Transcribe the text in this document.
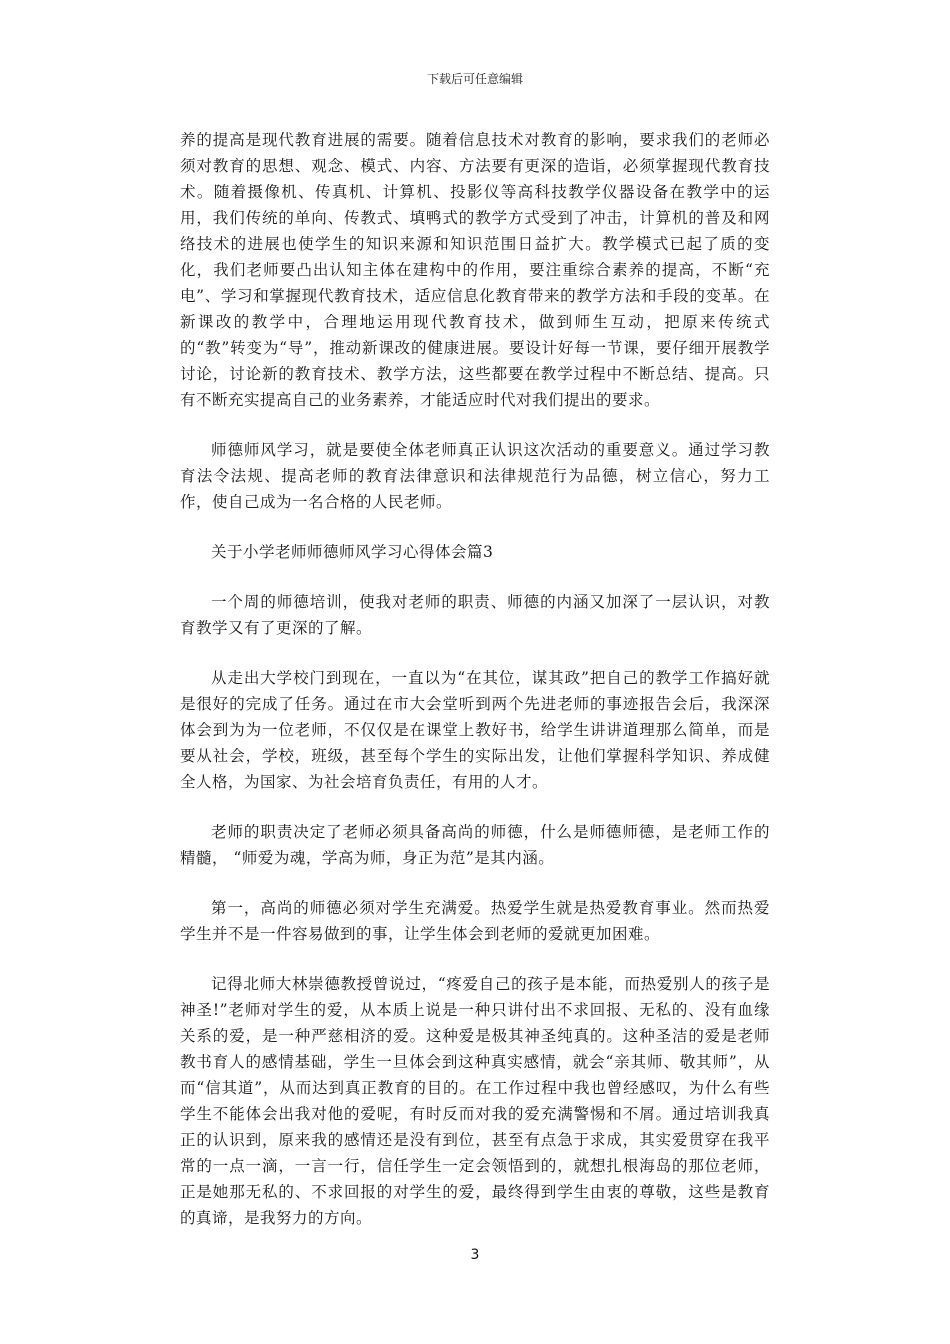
下载后可任意编辑

养的提高是现代教育进展的需要。随着信息技术对教育的影响，要求我们的老师必须对教育的思想、观念、模式、内容、方法要有更深的造诣，必须掌握现代教育技术。随着摄像机、传真机、计算机、投影仪等高科技教学仪器设备在教学中的运用，我们传统的单向、传教式、填鸭式的教学方式受到了冲击，计算机的普及和网络技术的进展也使学生的知识来源和知识范围日益扩大。教学模式已起了质的变化，我们老师要凸出认知主体在建构中的作用，要注重综合素养的提高，不断“充电”、学习和掌握现代教育技术，适应信息化教育带来的教学方法和手段的变革。在新课改的教学中，合理地运用现代教育技术，做到师生互动，把原来传统式的“教”转变为“导”，推动新课改的健康进展。要设计好每一节课，要仔细开展教学讨论，讨论新的教育技术、教学方法，这些都要在教学过程中不断总结、提高。只有不断充实提高自己的业务素养，才能适应时代对我们提出的要求。

师德师风学习，就是要使全体老师真正认识这次活动的重要意义。通过学习教育法令法规、提高老师的教育法律意识和法律规范行为品德，树立信心，努力工作，使自己成为一名合格的人民老师。

关于小学老师师德师风学习心得体会篇3

一个周的师德培训，使我对老师的职责、师德的内涵又加深了一层认识，对教育教学又有了更深的了解。

从走出大学校门到现在，一直以为“在其位，谋其政”把自己的教学工作搞好就是很好的完成了任务。通过在市大会堂听到两个先进老师的事迹报告会后，我深深体会到为为一位老师，不仅仅是在课堂上教好书，给学生讲讲道理那么简单，而是要从社会，学校，班级，甚至每个学生的实际出发，让他们掌握科学知识、养成健全人格，为国家、为社会培育负责任，有用的人才。

老师的职责决定了老师必须具备高尚的师德，什么是师德师德，是老师工作的精髓， “师爱为魂，学高为师，身正为范”是其内涵。

第一，高尚的师德必须对学生充满爱。热爱学生就是热爱教育事业。然而热爱学生并不是一件容易做到的事，让学生体会到老师的爱就更加困难。

记得北师大林崇德教授曾说过，“疼爱自己的孩子是本能，而热爱别人的孩子是神圣!”老师对学生的爱，从本质上说是一种只讲付出不求回报、无私的、没有血缘关系的爱，是一种严慈相济的爱。这种爱是极其神圣纯真的。这种圣洁的爱是老师教书育人的感情基础，学生一旦体会到这种真实感情，就会“亲其师、敬其师”，从而“信其道”，从而达到真正教育的目的。在工作过程中我也曾经感叹，为什么有些学生不能体会出我对他的爱呢，有时反而对我的爱充满警惕和不屑。通过培训我真正的认识到，原来我的感情还是没有到位，甚至有点急于求成，其实爱贯穿在我平常的一点一滴，一言一行，信任学生一定会领悟到的，就想扎根海岛的那位老师，正是她那无私的、不求回报的对学生的爱，最终得到学生由衷的尊敬，这些是教育的真谛，是我努力的方向。

3
